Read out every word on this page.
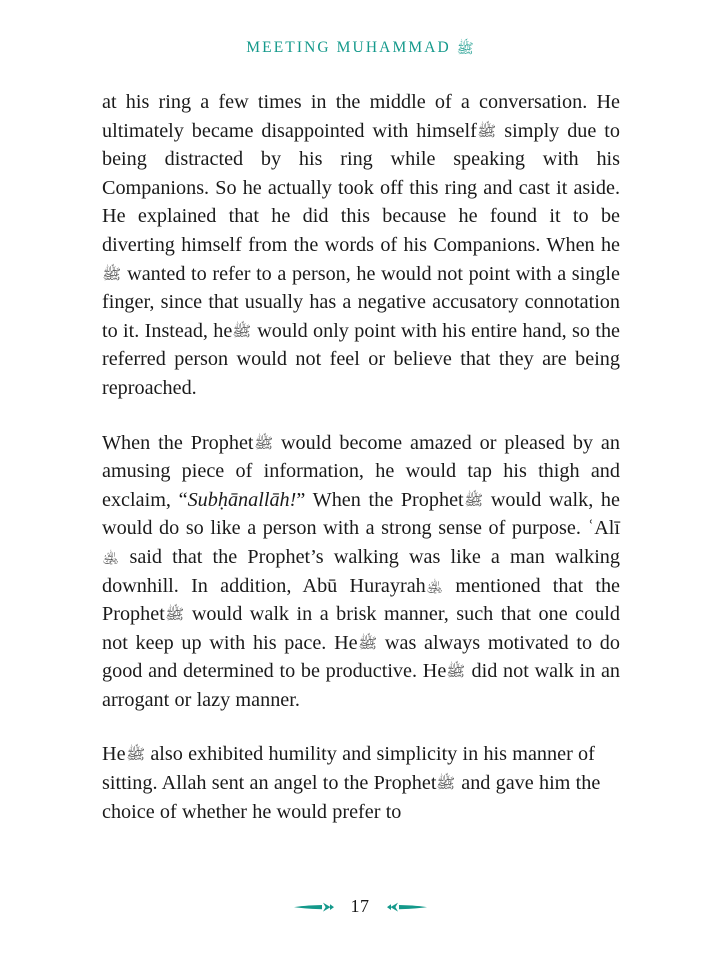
MEETING MUHAMMAD ﷺ

at his ring a few times in the middle of a conversation. He ultimately became disappointed with himselfﷺ simply due to being distracted by his ring while speaking with his Companions. So he actually took off this ring and cast it aside. He explained that he did this because he found it to be diverting himself from the words of his Companions. When heﷺ wanted to refer to a person, he would not point with a single finger, since that usually has a negative accusatory connotation to it. Instead, heﷺ would only point with his entire hand, so the referred person would not feel or believe that they are being reproached.

When the Prophetﷺ would become amazed or pleased by an amusing piece of information, he would tap his thigh and exclaim, “Subḥānallāh!” When the Prophetﷺ would walk, he would do so like a person with a strong sense of purpose. ʿAlī﵁ said that the Prophet’s walking was like a man walking downhill. In addition, Abū Hurayrah﵁ mentioned that the Prophetﷺ would walk in a brisk manner, such that one could not keep up with his pace. Heﷺ was always motivated to do good and determined to be productive. Heﷺ did not walk in an arrogant or lazy manner.

Heﷺ also exhibited humility and simplicity in his manner of sitting. Allah sent an angel to the Prophetﷺ and gave him the choice of whether he would prefer to

17
